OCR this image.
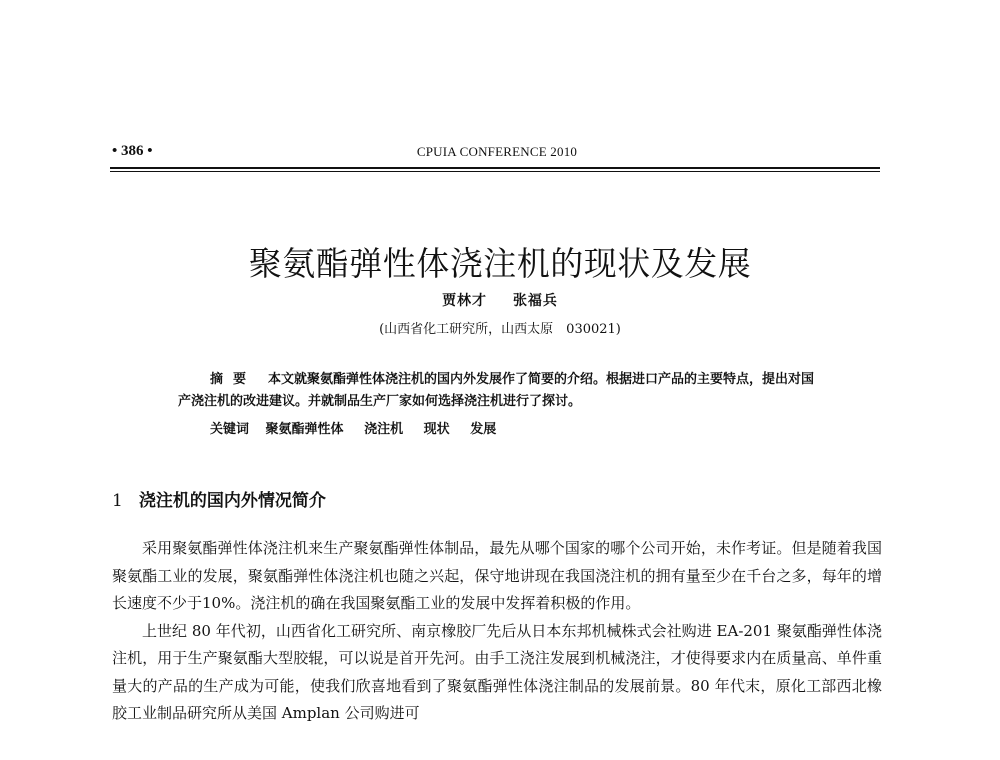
• 386 •	CPUIA CONFERENCE 2010
聚氨酯弹性体浇注机的现状及发展
贾林才 张福兵
(山西省化工研究所，山西太原　030021)
摘要 本文就聚氨酯弹性体浇注机的国内外发展作了简要的介绍。根据进口产品的主要特点，提出对国产浇注机的改进建议。并就制品生产厂家如何选择浇注机进行了探讨。
关键词 聚氨酯弹性体 浇注机 现状 发展
1 浇注机的国内外情况简介

采用聚氨酯弹性体浇注机来生产聚氨酯弹性体制品，最先从哪个国家的哪个公司开始，未作考证。但是随着我国聚氨酯工业的发展，聚氨酯弹性体浇注机也随之兴起，保守地讲现在我国浇注机的拥有量至少在千台之多，每年的增长速度不少于10%。浇注机的确在我国聚氨酯工业的发展中发挥着积极的作用。

上世纪 80 年代初，山西省化工研究所、南京橡胶厂先后从日本东邦机械株式会社购进 EA-201 聚氨酯弹性体浇注机，用于生产聚氨酯大型胶辊，可以说是首开先河。由手工浇注发展到机械浇注，才使得要求内在质量高、单件重量大的产品的生产成为可能，使我们欣喜地看到了聚氨酯弹性体浇注制品的发展前景。80 年代末，原化工部西北橡胶工业制品研究所从美国 Amplan 公司购进可
